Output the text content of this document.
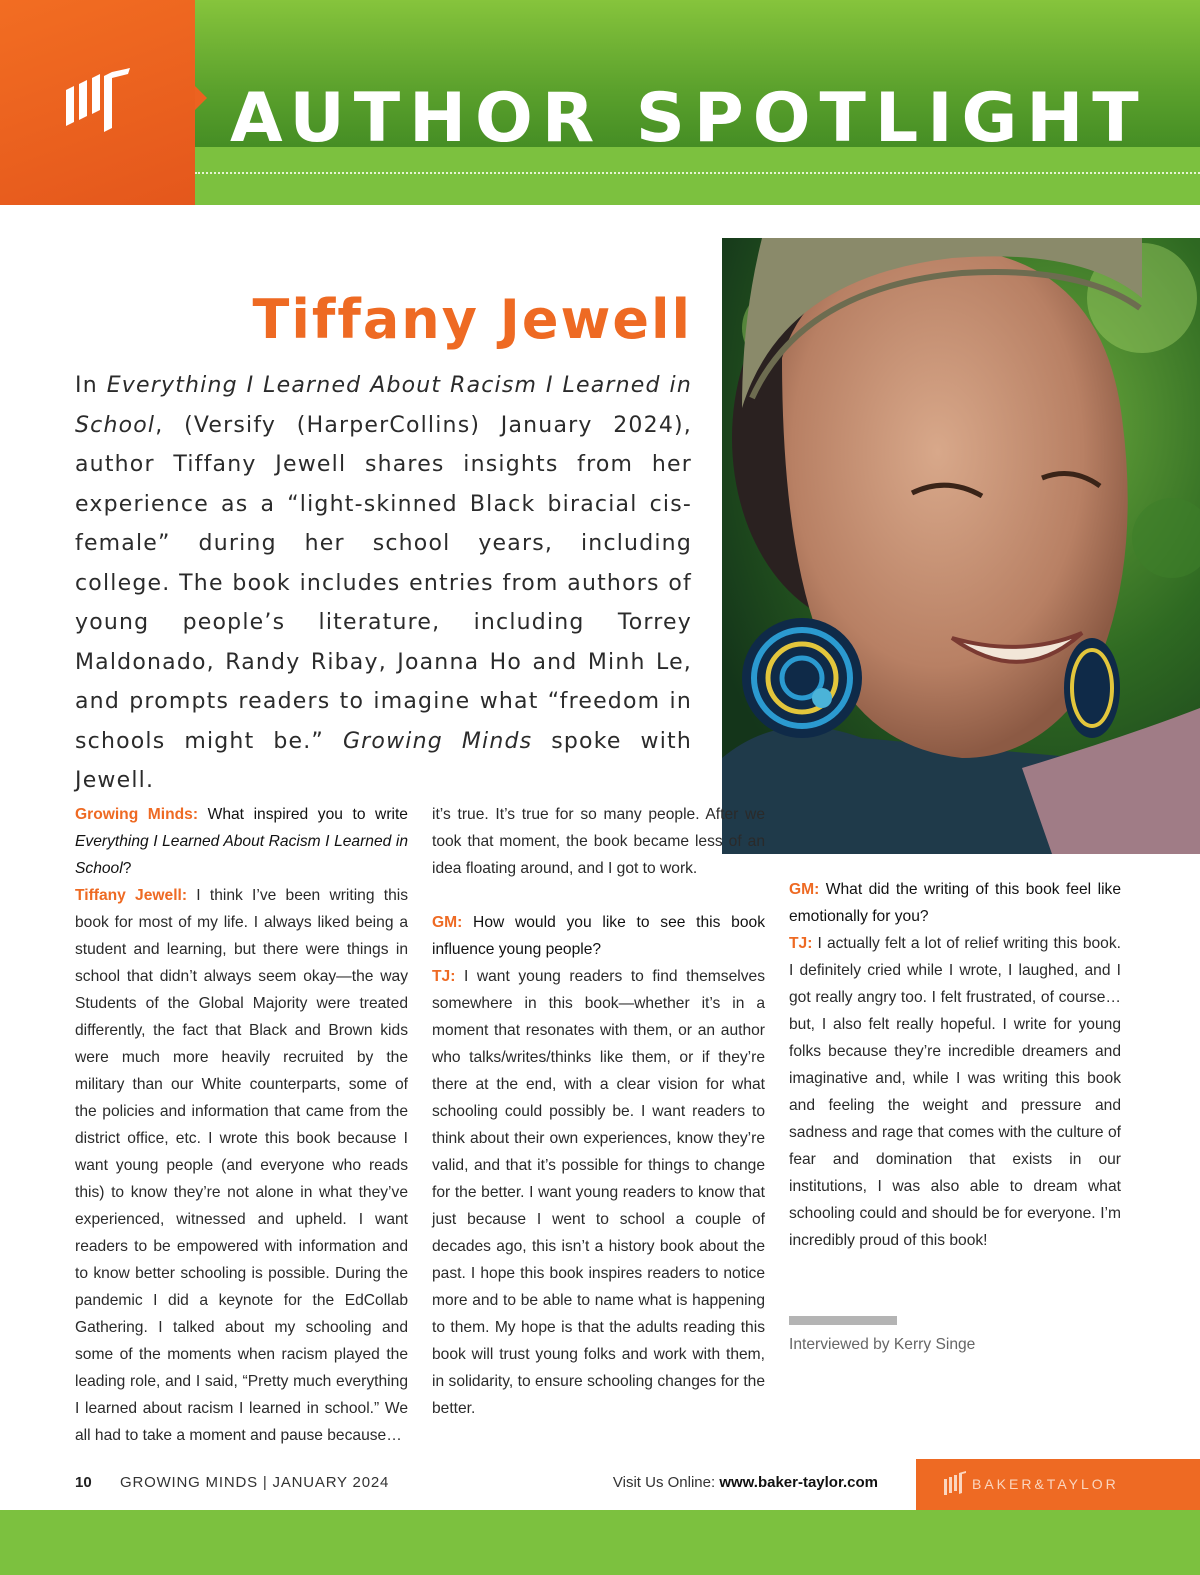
AUTHOR SPOTLIGHT
Tiffany Jewell

In Everything I Learned About Racism I Learned in School, (Versify (HarperCollins) January 2024), author Tiffany Jewell shares insights from her experience as a “light-skinned Black biracial cis-female” during her school years, including college. The book includes entries from authors of young people’s literature, including Torrey Maldonado, Randy Ribay, Joanna Ho and Minh Le, and prompts readers to imagine what “freedom in schools might be.” Growing Minds spoke with Jewell.

Growing Minds: What inspired you to write Everything I Learned About Racism I Learned in School?

Tiffany Jewell: I think I’ve been writing this book for most of my life. I always liked being a student and learning, but there were things in school that didn’t always seem okay—the way Students of the Global Majority were treated differently, the fact that Black and Brown kids were much more heavily recruited by the military than our White counterparts, some of the policies and information that came from the district office, etc. I wrote this book because I want young people (and everyone who reads this) to know they’re not alone in what they’ve experienced, witnessed and upheld. I want readers to be empowered with information and to know better schooling is possible. During the pandemic I did a keynote for the EdCollab Gathering. I talked about my schooling and some of the moments when racism played the leading role, and I said, “Pretty much everything I learned about racism I learned in school.” We all had to take a moment and pause because…

it’s true. It’s true for so many people. After we took that moment, the book became less of an idea floating around, and I got to work.

GM: How would you like to see this book influence young people?

TJ: I want young readers to find themselves somewhere in this book—whether it’s in a moment that resonates with them, or an author who talks/writes/thinks like them, or if they’re there at the end, with a clear vision for what schooling could possibly be. I want readers to think about their own experiences, know they’re valid, and that it’s possible for things to change for the better. I want young readers to know that just because I went to school a couple of decades ago, this isn’t a history book about the past. I hope this book inspires readers to notice more and to be able to name what is happening to them. My hope is that the adults reading this book will trust young folks and work with them, in solidarity, to ensure schooling changes for the better.

GM: What did the writing of this book feel like emotionally for you?

TJ: I actually felt a lot of relief writing this book. I definitely cried while I wrote, I laughed, and I got really angry too. I felt frustrated, of course… but, I also felt really hopeful. I write for young folks because they’re incredible dreamers and imaginative and, while I was writing this book and feeling the weight and pressure and sadness and rage that comes with the culture of fear and domination that exists in our institutions, I was also able to dream what schooling could and should be for everyone. I’m incredibly proud of this book!

Interviewed by Kerry Singe
10 GROWING MINDS | JANUARY 2024	Visit Us Online: www.baker-taylor.com	BAKER&TAYLOR
